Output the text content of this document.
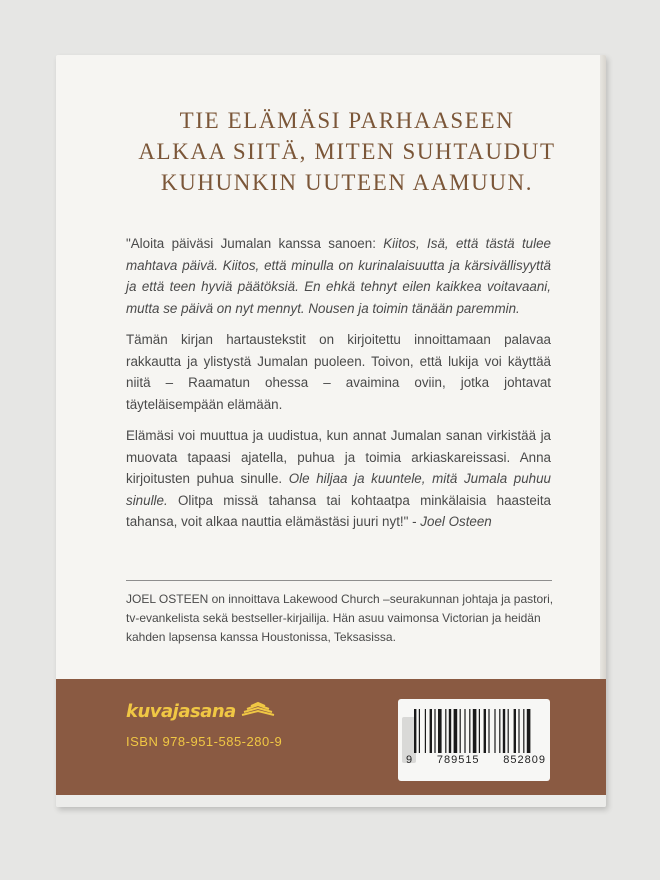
TIE ELÄMÄSI PARHAASEEN
ALKAA SIITÄ, MITEN SUHTAUDUT
KUHUNKIN UUTEEN AAMUUN.

"Aloita päiväsi Jumalan kanssa sanoen: Kiitos, Isä, että tästä tulee mahtava päivä. Kiitos, että minulla on kurinalaisuutta ja kärsivällisyyttä ja että teen hyviä päätöksiä. En ehkä tehnyt eilen kaikkea voitavaani, mutta se päivä on nyt mennyt. Nousen ja toimin tänään paremmin.

Tämän kirjan hartaustekstit on kirjoitettu innoittamaan palavaa rakkautta ja ylistystä Jumalan puoleen. Toivon, että lukija voi käyttää niitä – Raamatun ohessa – avaimina oviin, jotka johtavat täyteläisempään elämään.

Elämäsi voi muuttua ja uudistua, kun annat Jumalan sanan virkistää ja muovata tapaasi ajatella, puhua ja toimia arkiaskareissasi. Anna kirjoitusten puhua sinulle. Ole hiljaa ja kuuntele, mitä Jumala puhuu sinulle. Olitpa missä tahansa tai kohtaatpa minkälaisia haasteita tahansa, voit alkaa nauttia elämästäsi juuri nyt!" - Joel Osteen

JOEL OSTEEN on innoittava Lakewood Church –seurakunnan johtaja ja pastori, tv-evankelista sekä bestseller-kirjailija. Hän asuu vaimonsa Victorian ja heidän kahden lapsensa kanssa Houstonissa, Teksasissa.
kuvajasana
ISBN 978-951-585-280-9
9 789515 852809
